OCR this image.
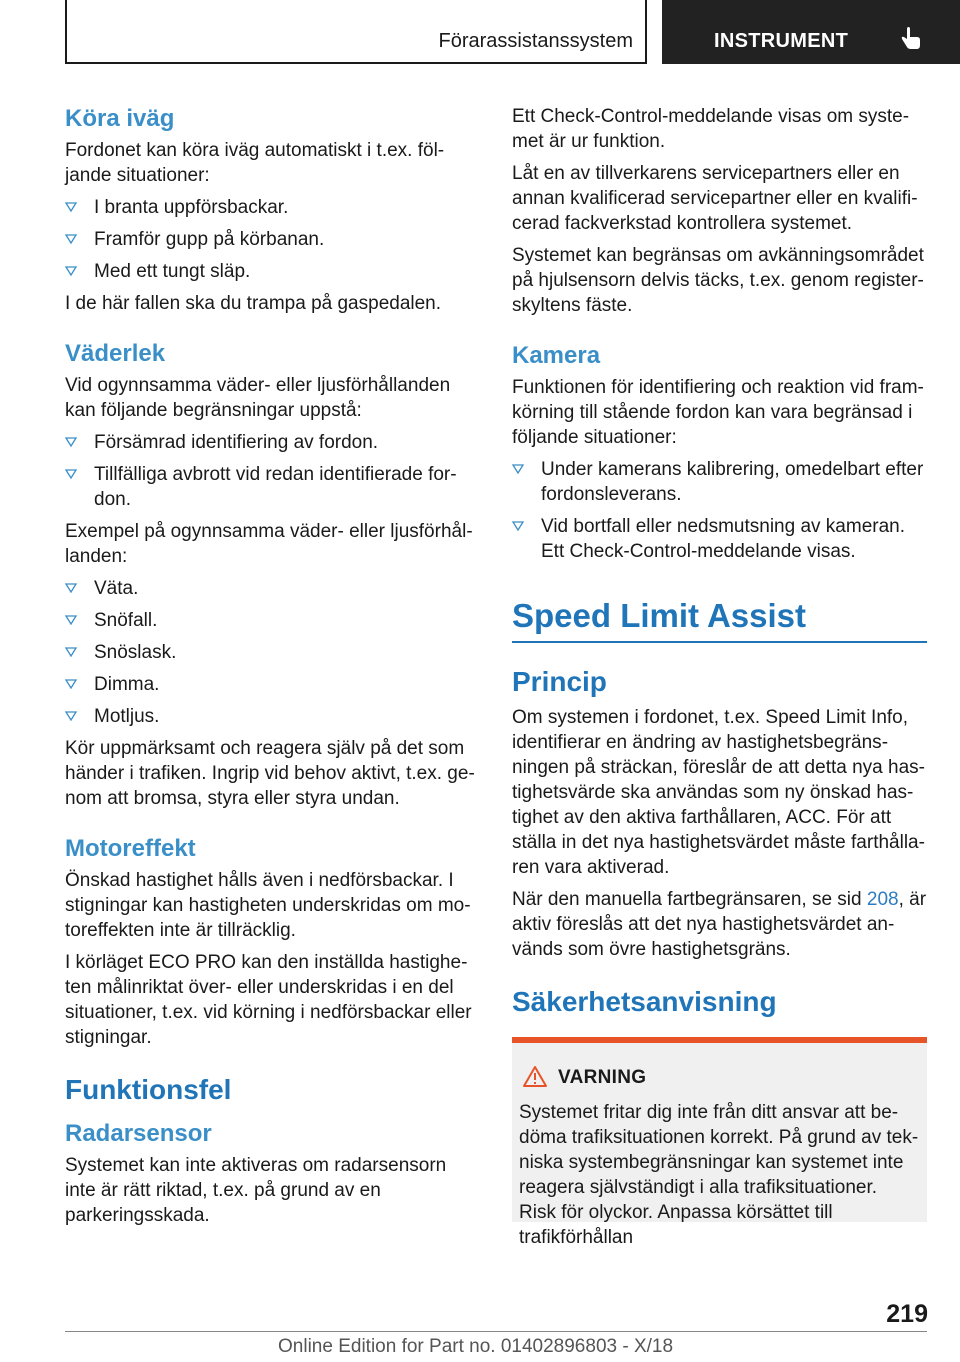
Förarassistanssystem	INSTRUMENT
Köra iväg

Fordonet kan köra iväg automatiskt i t.ex. följande situationer:

I branta uppförsbackar.
Framför gupp på körbanan.
Med ett tungt släp.

I de här fallen ska du trampa på gaspedalen.

Väderlek

Vid ogynnsamma väder- eller ljusförhållanden kan följande begränsningar uppstå:

Försämrad identifiering av fordon.
Tillfälliga avbrott vid redan identifierade fordon.

Exempel på ogynnsamma väder- eller ljusförhållanden:

Väta.
Snöfall.
Snöslask.
Dimma.
Motljus.

Kör uppmärksamt och reagera själv på det som händer i trafiken. Ingrip vid behov aktivt, t.ex. genom att bromsa, styra eller styra undan.

Motoreffekt

Önskad hastighet hålls även i nedförsbackar. I stigningar kan hastigheten underskridas om motoreffekten inte är tillräcklig.

I körläget ECO PRO kan den inställda hastigheten målinriktat över- eller underskridas i en del situationer, t.ex. vid körning i nedförsbackar eller stigningar.

Funktionsfel
Radarsensor

Systemet kan inte aktiveras om radarsensorn inte är rätt riktad, t.ex. på grund av en parkeringsskada.

Ett Check-Control-meddelande visas om systemet är ur funktion.

Låt en av tillverkarens servicepartners eller en annan kvalificerad servicepartner eller en kvalificerad fackverkstad kontrollera systemet.

Systemet kan begränsas om avkänningsområdet på hjulsensorn delvis täcks, t.ex. genom registerskyltens fäste.

Kamera

Funktionen för identifiering och reaktion vid framkörning till stående fordon kan vara begränsad i följande situationer:

Under kamerans kalibrering, omedelbart efter fordonsleverans.
Vid bortfall eller nedsmutsning av kameran. Ett Check-Control-meddelande visas.
Speed Limit Assist
Princip

Om systemen i fordonet, t.ex. Speed Limit Info, identifierar en ändring av hastighetsbegränsningen på sträckan, föreslår de att detta nya hastighetsvärde ska användas som ny önskad hastighet av den aktiva farthållaren, ACC. För att ställa in det nya hastighetsvärdet måste farthållaren vara aktiverad.

När den manuella fartbegränsaren, se sid 208, är aktiv föreslås att det nya hastighetsvärdet används som övre hastighetsgräns.

Säkerhetsanvisning
VARNING
Systemet fritar dig inte från ditt ansvar att bedöma trafiksituationen korrekt. På grund av tekniska systembegränsningar kan systemet inte reagera självständigt i alla trafiksituationer. Risk för olyckor. Anpassa körsättet till trafikförhållan
219
Online Edition for Part no. 01402896803 - X/18
